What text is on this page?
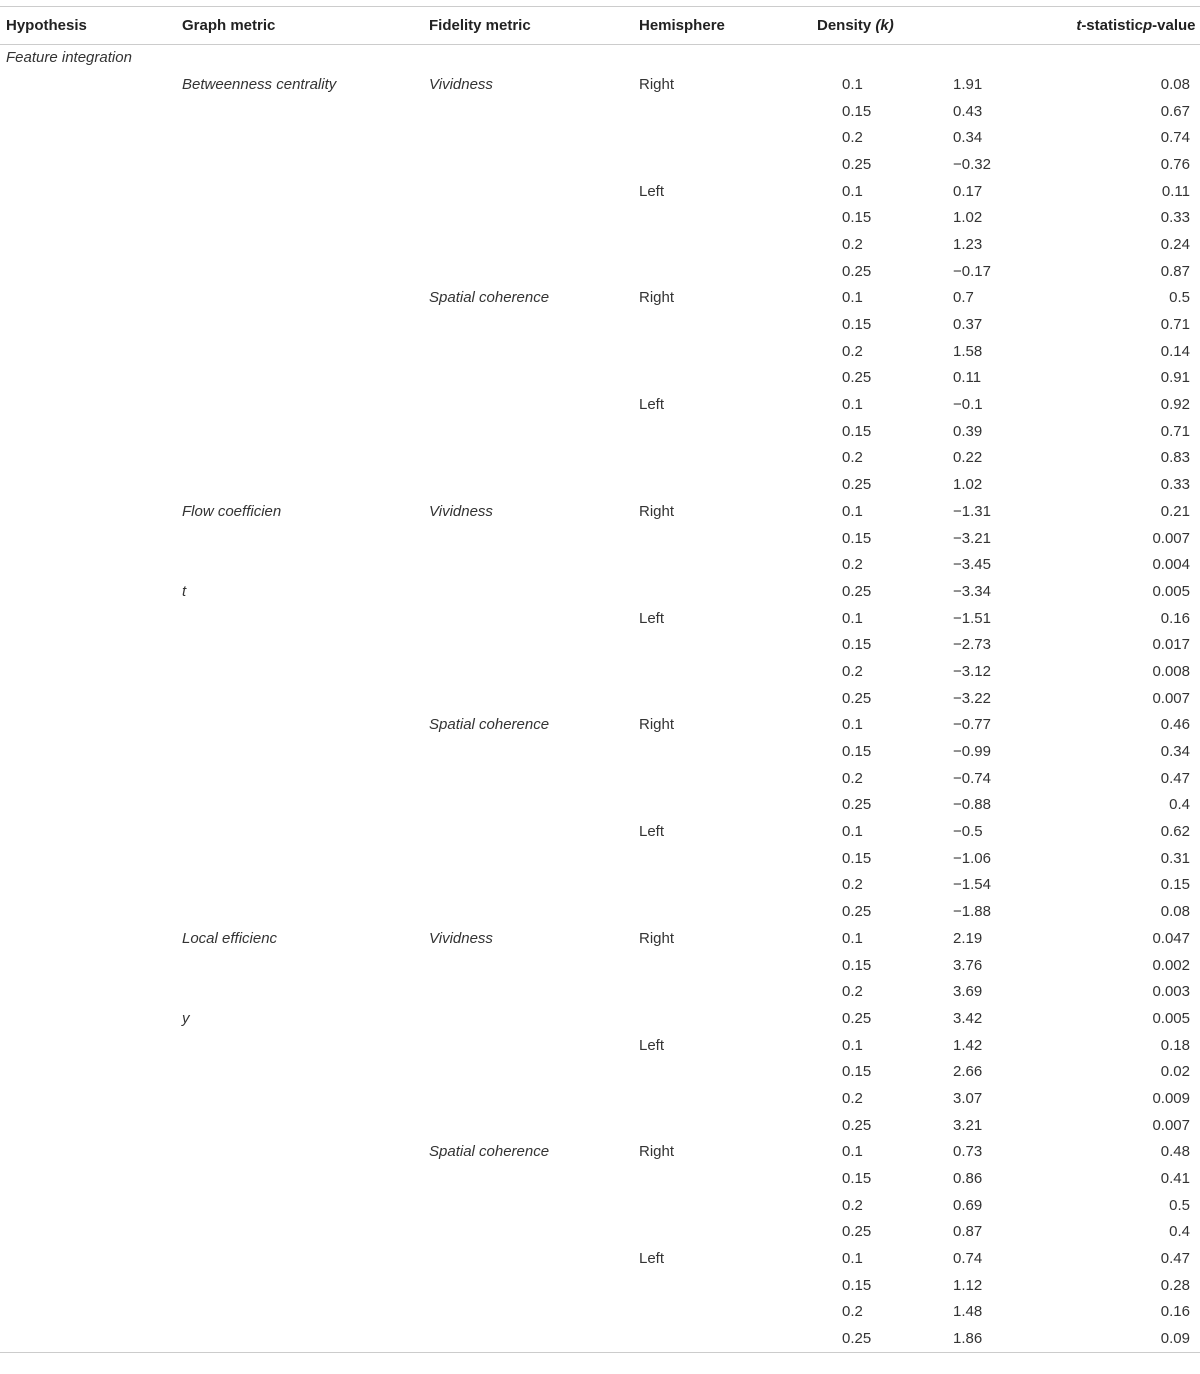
Hypothesis	Graph metric	Fidelity metric	Hemisphere	Density (k)	t-statistic	p-value
Feature integration						
	Betweenness centrality	Vividness	Right	0.1	1.91	0.08
				0.15	0.43	0.67
				0.2	0.34	0.74
				0.25	−0.32	0.76
			Left	0.1	0.17	0.11
				0.15	1.02	0.33
				0.2	1.23	0.24
				0.25	−0.17	0.87
		Spatial coherence	Right	0.1	0.7	0.5
				0.15	0.37	0.71
				0.2	1.58	0.14
				0.25	0.11	0.91
			Left	0.1	−0.1	0.92
				0.15	0.39	0.71
				0.2	0.22	0.83
				0.25	1.02	0.33
	Flow coefficien	Vividness	Right	0.1	−1.31	0.21
				0.15	−3.21	0.007
				0.2	−3.45	0.004
	t			0.25	−3.34	0.005
			Left	0.1	−1.51	0.16
				0.15	−2.73	0.017
				0.2	−3.12	0.008
				0.25	−3.22	0.007
		Spatial coherence	Right	0.1	−0.77	0.46
				0.15	−0.99	0.34
				0.2	−0.74	0.47
				0.25	−0.88	0.4
			Left	0.1	−0.5	0.62
				0.15	−1.06	0.31
				0.2	−1.54	0.15
				0.25	−1.88	0.08
	Local efficienc	Vividness	Right	0.1	2.19	0.047
				0.15	3.76	0.002
				0.2	3.69	0.003
	y			0.25	3.42	0.005
			Left	0.1	1.42	0.18
				0.15	2.66	0.02
				0.2	3.07	0.009
				0.25	3.21	0.007
		Spatial coherence	Right	0.1	0.73	0.48
				0.15	0.86	0.41
				0.2	0.69	0.5
				0.25	0.87	0.4
			Left	0.1	0.74	0.47
				0.15	1.12	0.28
				0.2	1.48	0.16
				0.25	1.86	0.09
